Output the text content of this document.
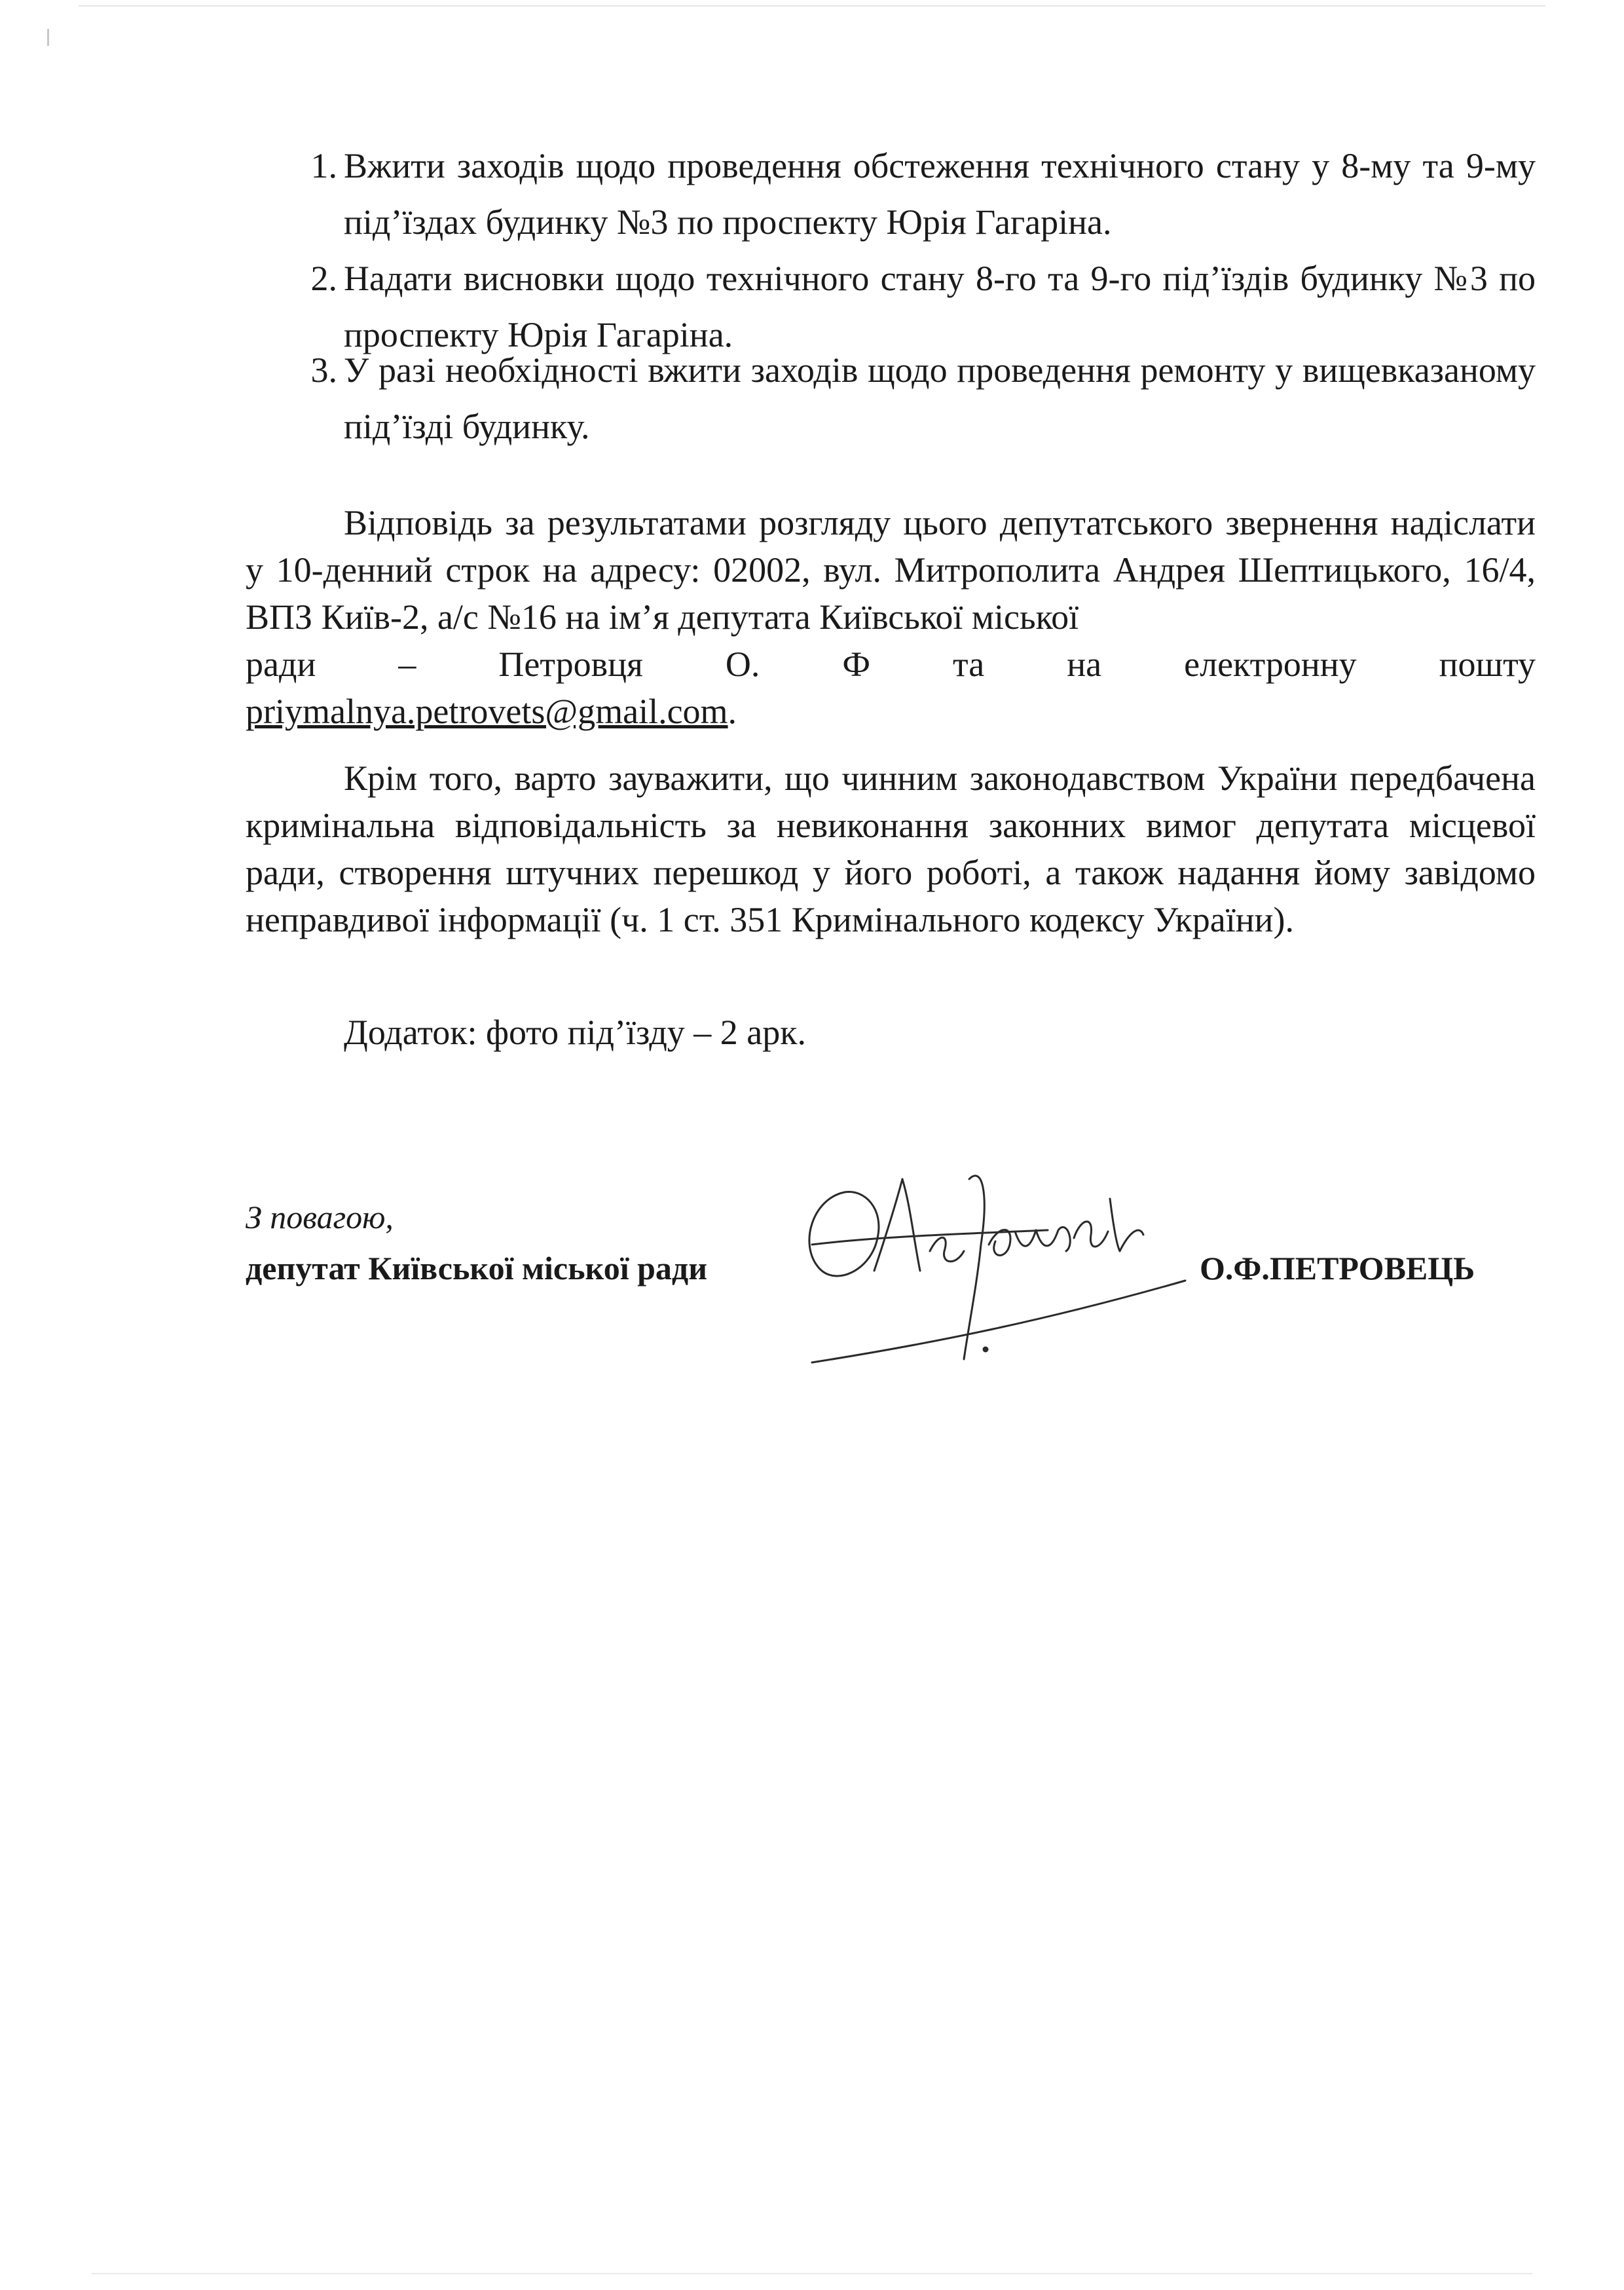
1. Вжити заходів щодо проведення обстеження технічного стану у 8-му та 9-му під’їздах будинку №3 по проспекту Юрія Гагаріна.
2. Надати висновки щодо технічного стану 8-го та 9-го під’їздів будинку №3 по проспекту Юрія Гагаріна.
3. У разі необхідності вжити заходів щодо проведення ремонту у вищевказаному під’їзді будинку.
Відповідь за результатами розгляду цього депутатського звернення надіслати у 10-денний строк на адресу: 02002, вул. Митрополита Андрея Шептицького, 16/4, ВПЗ Київ-2, а/с №16 на ім’я депутата Київської міської
ради – Петровця О. Ф та на електронну пошту
priymalnya.petrovets@gmail.com.
Крім того, варто зауважити, що чинним законодавством України передбачена кримінальна відповідальність за невиконання законних вимог депутата місцевої ради, створення штучних перешкод у його роботі, а також надання йому завідомо неправдивої інформації (ч. 1 ст. 351 Кримінального кодексу України).
Додаток: фото під’їзду – 2 арк.
З повагою,
депутат Київської міської ради	О.Ф.ПЕТРОВЕЦЬ
